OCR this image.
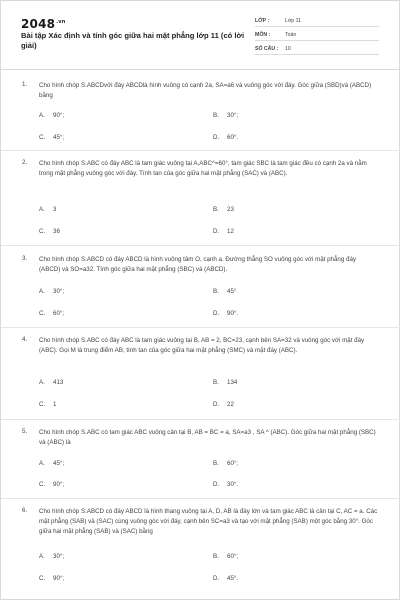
$2048^{.vn}$
Bài tập Xác định và tính góc giữa hai mặt phẳng lớp 11 (có lời giải)
LỚP :	Lớp 11
MÔN :	Toán
SỐ CÂU : 10
1.	Cho hình chóp S.ABCDvới đáy ABCDlà hình vuông có cạnh 2a, SA=a6 và vuông góc với đáy. Góc giữa (SBD)và (ABCD) bằng
A. 90°;	B. 30°;
C. 45°;	D. 60°.
2.	Cho hình chóp S.ABC có đáy ABC là tam giác vuông tại A,ABC^=60°, tam giác SBC là tam giác đều có cạnh 2a và nằm trong mặt phẳng vuông góc với đáy. Tính tan của góc giữa hai mặt phẳng (SAC) và (ABC).
A. 3	B. 23
C. 36	D. 12
3.	Cho hình chóp S.ABCD có đáy ABCD là hình vuông tâm O, cạnh a. Đường thẳng SO vuông góc với mặt phẳng đáy (ABCD) và SO=a32. Tính góc giữa hai mặt phẳng (SBC) và (ABCD).
A. 30°;	B. 45°
C. 60°;	D. 90°.
4.	Cho hình chóp S.ABC có đáy ABC là tam giác vuông tại B, AB = 2, BC=23, cạnh bên SA=32 và vuông góc với mặt đáy (ABC). Gọi M là trung điểm AB, tính tan của góc giữa hai mặt phẳng (SMC) và mặt đáy (ABC).
A. 413	B. 134
C. 1	D. 22
5.	Cho hình chóp S.ABC có tam giác ABC vuông cân tại B, AB = BC = a, SA=a3 , SA ^ (ABC). Góc giữa hai mặt phẳng (SBC) và (ABC) là
A. 45°;	B. 60°;
C. 90°;	D. 30°.
6.	Cho hình chóp S.ABCD có đáy ABCD là hình thang vuông tại A, D, AB là đáy lớn và tam giác ABC là cân tại C, AC = a. Các mặt phẳng (SAB) và (SAC) cùng vuông góc với đáy, cạnh bên SC=a3 và tạo với mặt phẳng (SAB) một góc bằng 30°. Góc giữa hai mặt phẳng (SAB) và (SAC) bằng
A. 30°;	B. 60°;
C. 90°;	D. 45°.
